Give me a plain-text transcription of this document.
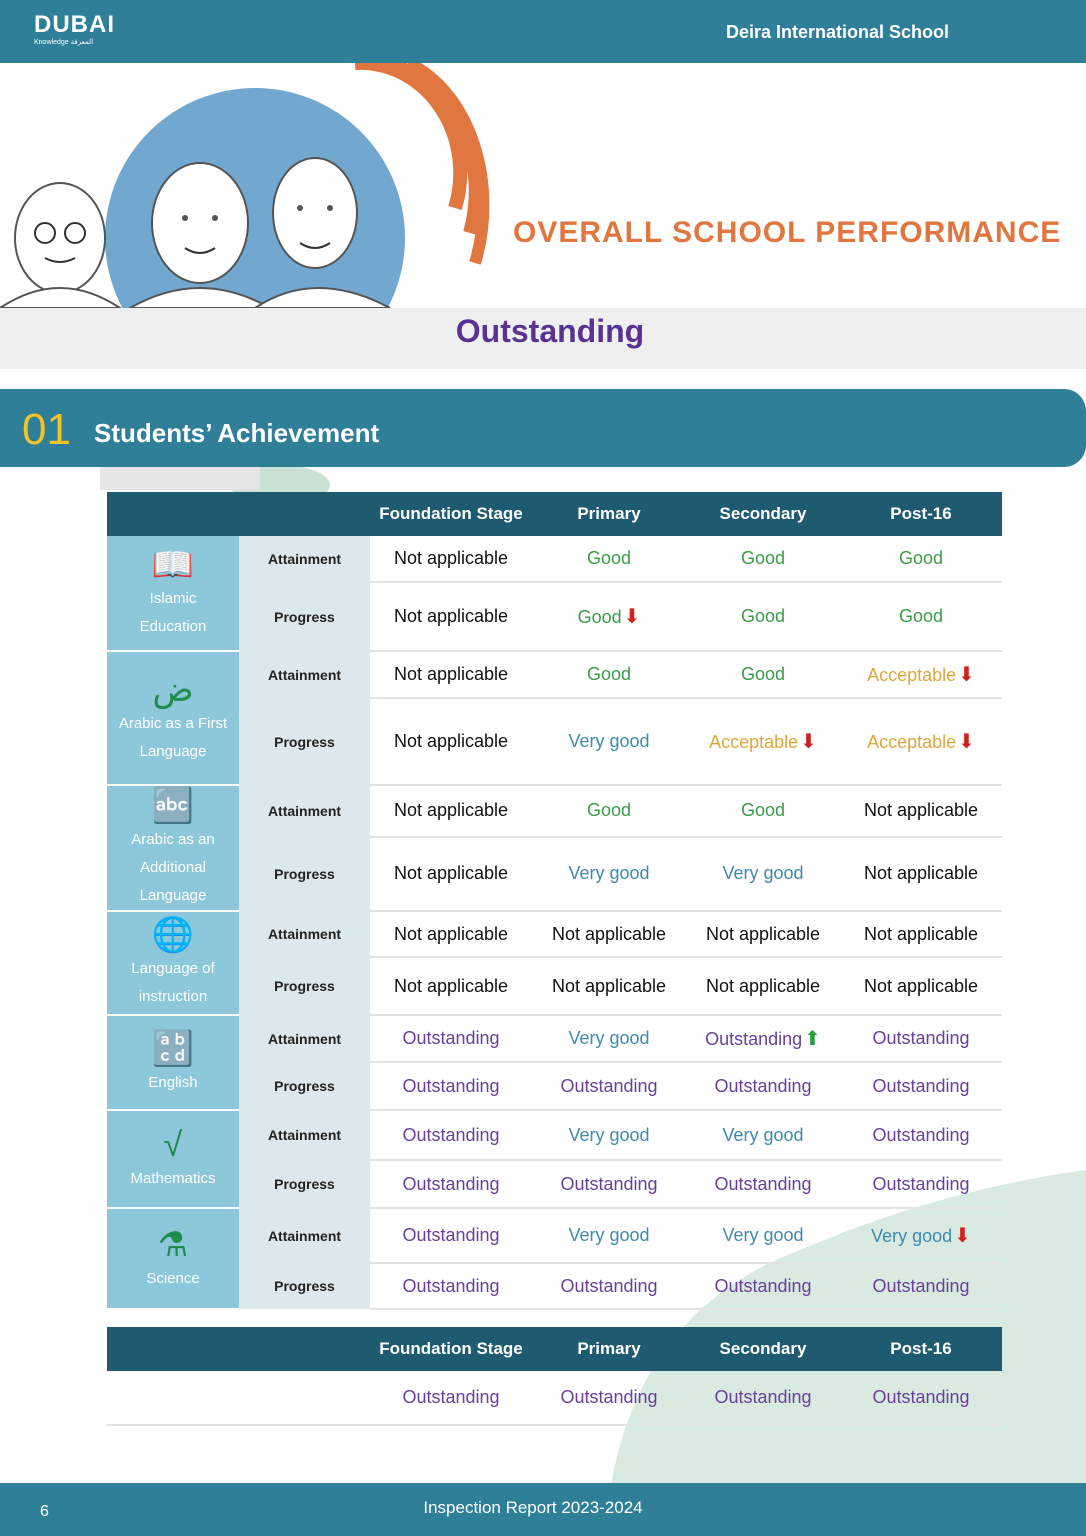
DUBAI
Knowledge المعرفة
Deira International School
OVERALL SCHOOL PERFORMANCE
Outstanding
01 Students’ Achievement
		Foundation Stage	Primary	Secondary	Post-16

📖
Islamic Education	Attainment	Not applicable	Good	Good	Good
	Progress	Not applicable	Good ⬇	Good	Good

ض
Arabic as a First Language	Attainment	Not applicable	Good	Good	Acceptable ⬇
	Progress	Not applicable	Very good	Acceptable ⬇	Acceptable ⬇

🔤
Arabic as an Additional Language	Attainment	Not applicable	Good	Good	Not applicable
	Progress	Not applicable	Very good	Very good	Not applicable

🌐
Language of instruction	Attainment	Not applicable	Not applicable	Not applicable	Not applicable
	Progress	Not applicable	Not applicable	Not applicable	Not applicable

🔡
English	Attainment	Outstanding	Very good	Outstanding ⬆	Outstanding
	Progress	Outstanding	Outstanding	Outstanding	Outstanding

√
Mathematics	Attainment	Outstanding	Very good	Very good	Outstanding
	Progress	Outstanding	Outstanding	Outstanding	Outstanding

⚗
Science	Attainment	Outstanding	Very good	Very good	Very good ⬇
	Progress	Outstanding	Outstanding	Outstanding	Outstanding
	Foundation Stage	Primary	Secondary	Post-16
Learning skills	Outstanding	Outstanding	Outstanding	Outstanding
6	Inspection Report 2023-2024
